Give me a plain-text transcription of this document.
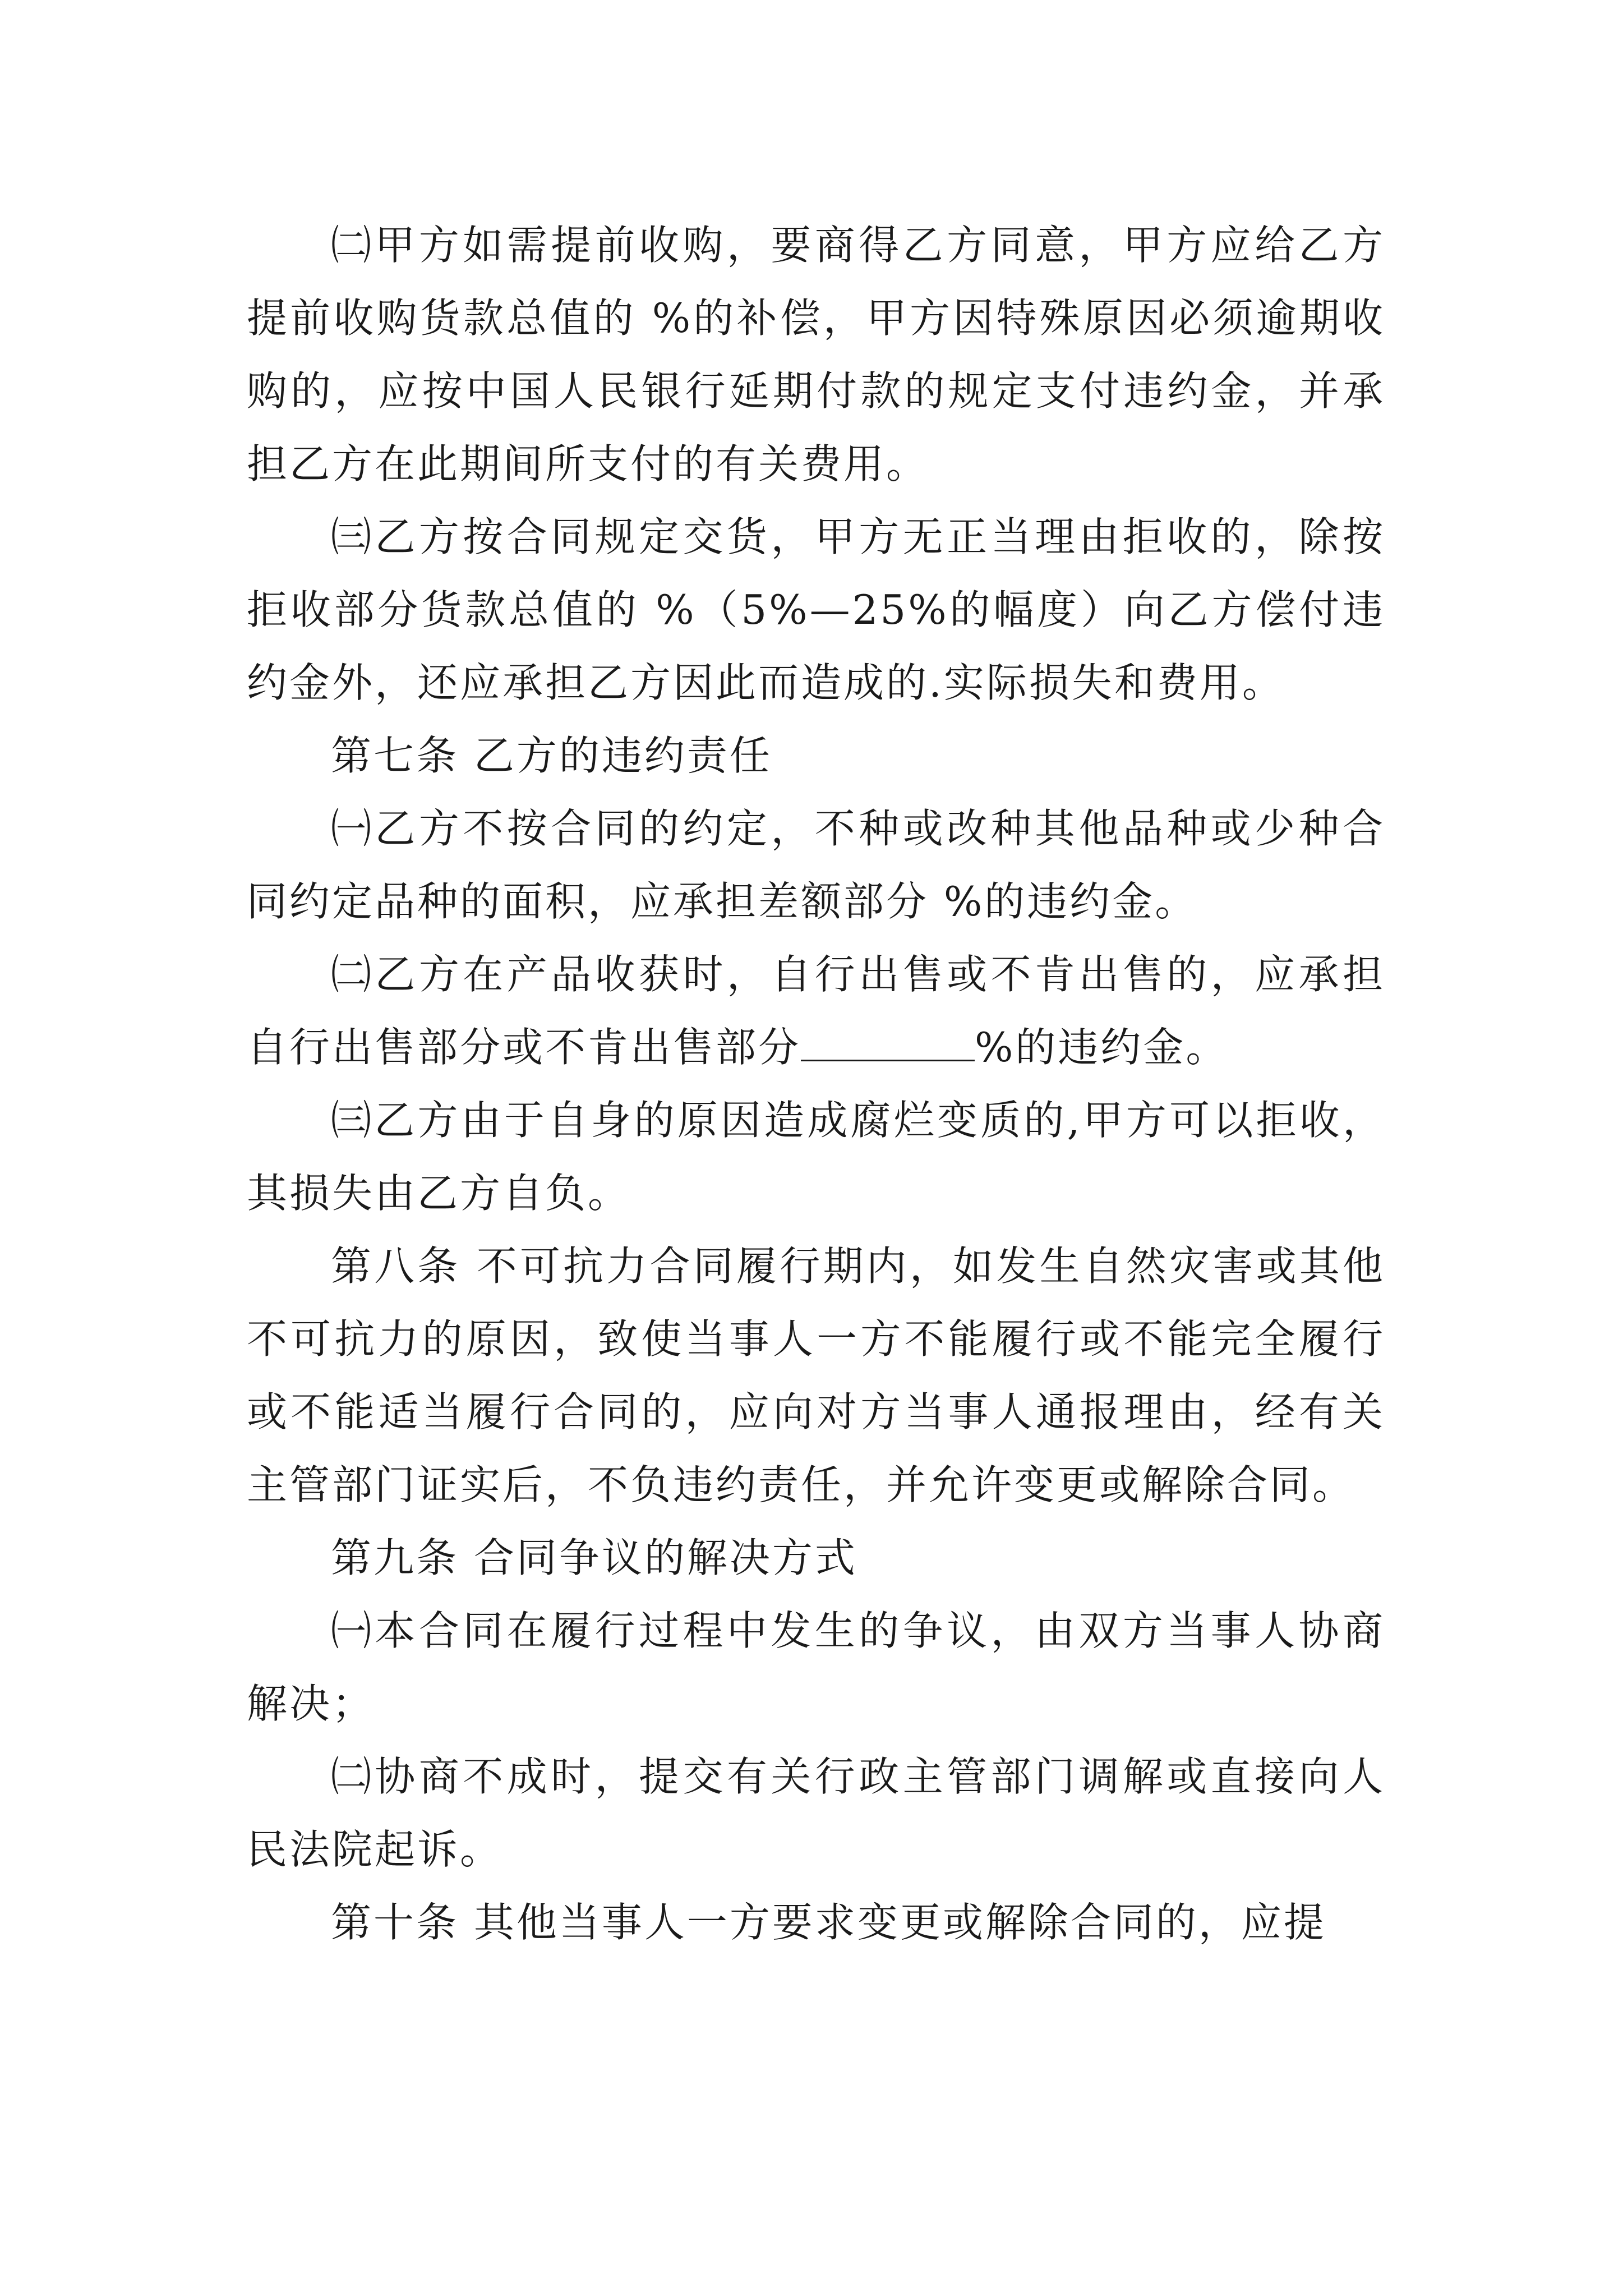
㈡甲方如需提前收购，要商得乙方同意，甲方应给乙方提前收购货款总值的 %的补偿，甲方因特殊原因必须逾期收购的，应按中国人民银行延期付款的规定支付违约金，并承担乙方在此期间所支付的有关费用。

㈢乙方按合同规定交货，甲方无正当理由拒收的，除按拒收部分货款总值的 %（5%—25%的幅度）向乙方偿付违约金外，还应承担乙方因此而造成的.实际损失和费用。

第七条 乙方的违约责任

㈠乙方不按合同的约定，不种或改种其他品种或少种合同约定品种的面积，应承担差额部分 %的违约金。

㈡乙方在产品收获时，自行出售或不肯出售的，应承担自行出售部分或不肯出售部分	%的违约金。

㈢乙方由于自身的原因造成腐烂变质的,甲方可以拒收，其损失由乙方自负。

第八条 不可抗力合同履行期内，如发生自然灾害或其他不可抗力的原因，致使当事人一方不能履行或不能完全履行或不能适当履行合同的，应向对方当事人通报理由，经有关主管部门证实后，不负违约责任，并允许变更或解除合同。

第九条 合同争议的解决方式

㈠本合同在履行过程中发生的争议，由双方当事人协商解决；

㈡协商不成时，提交有关行政主管部门调解或直接向人民法院起诉。

第十条 其他当事人一方要求变更或解除合同的，应提
